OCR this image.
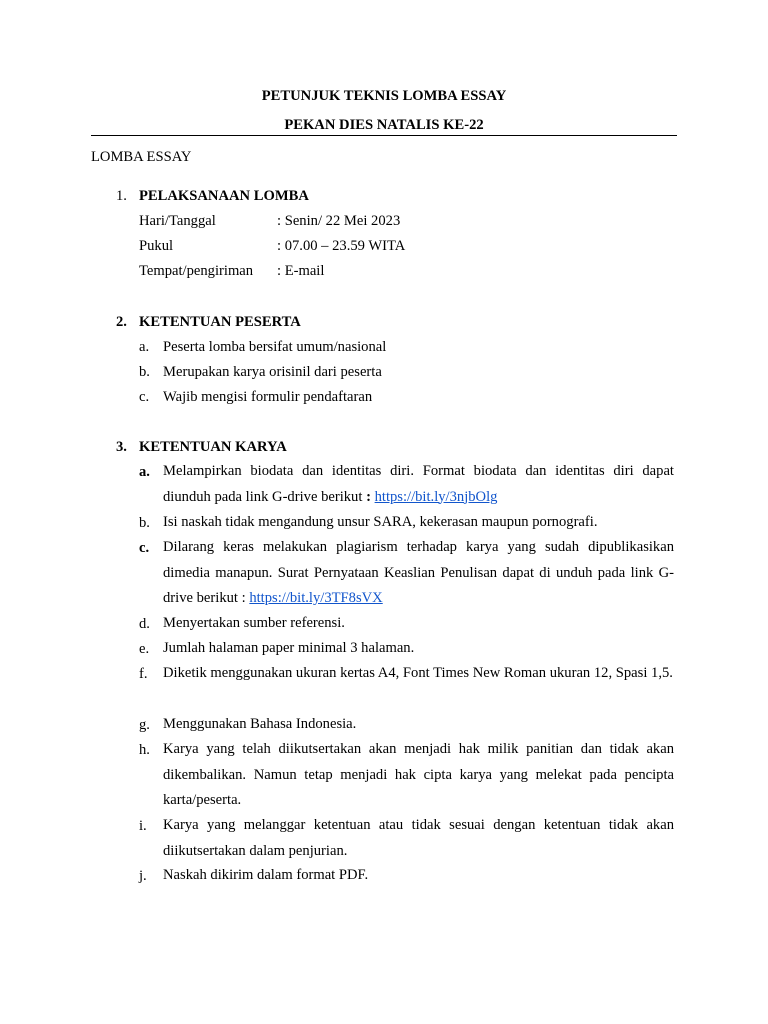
PETUNJUK TEKNIS LOMBA ESSAY
PEKAN DIES NATALIS KE-22
LOMBA ESSAY
1. PELAKSANAAN LOMBA
Hari/Tanggal	: Senin/ 22 Mei 2023
Pukul	: 07.00 – 23.59 WITA
Tempat/pengiriman : E-mail
2. KETENTUAN PESERTA
a. Peserta lomba bersifat umum/nasional
b. Merupakan karya orisinil dari peserta
c. Wajib mengisi formulir pendaftaran
3. KETENTUAN KARYA
a. Melampirkan biodata dan identitas diri. Format biodata dan identitas diri dapat diunduh pada link G-drive berikut : https://bit.ly/3njbOlg
b. Isi naskah tidak mengandung unsur SARA, kekerasan maupun pornografi.
c. Dilarang keras melakukan plagiarism terhadap karya yang sudah dipublikasikan dimedia manapun. Surat Pernyataan Keaslian Penulisan dapat di unduh pada link G-drive berikut : https://bit.ly/3TF8sVX
d. Menyertakan sumber referensi.
e. Jumlah halaman paper minimal 3 halaman.
f. Diketik menggunakan ukuran kertas A4, Font Times New Roman ukuran 12, Spasi 1,5.
g. Menggunakan Bahasa Indonesia.
h. Karya yang telah diikutsertakan akan menjadi hak milik panitian dan tidak akan dikembalikan. Namun tetap menjadi hak cipta karya yang melekat pada pencipta karta/peserta.
i. Karya yang melanggar ketentuan atau tidak sesuai dengan ketentuan tidak akan diikutsertakan dalam penjurian.
j. Naskah dikirim dalam format PDF.
